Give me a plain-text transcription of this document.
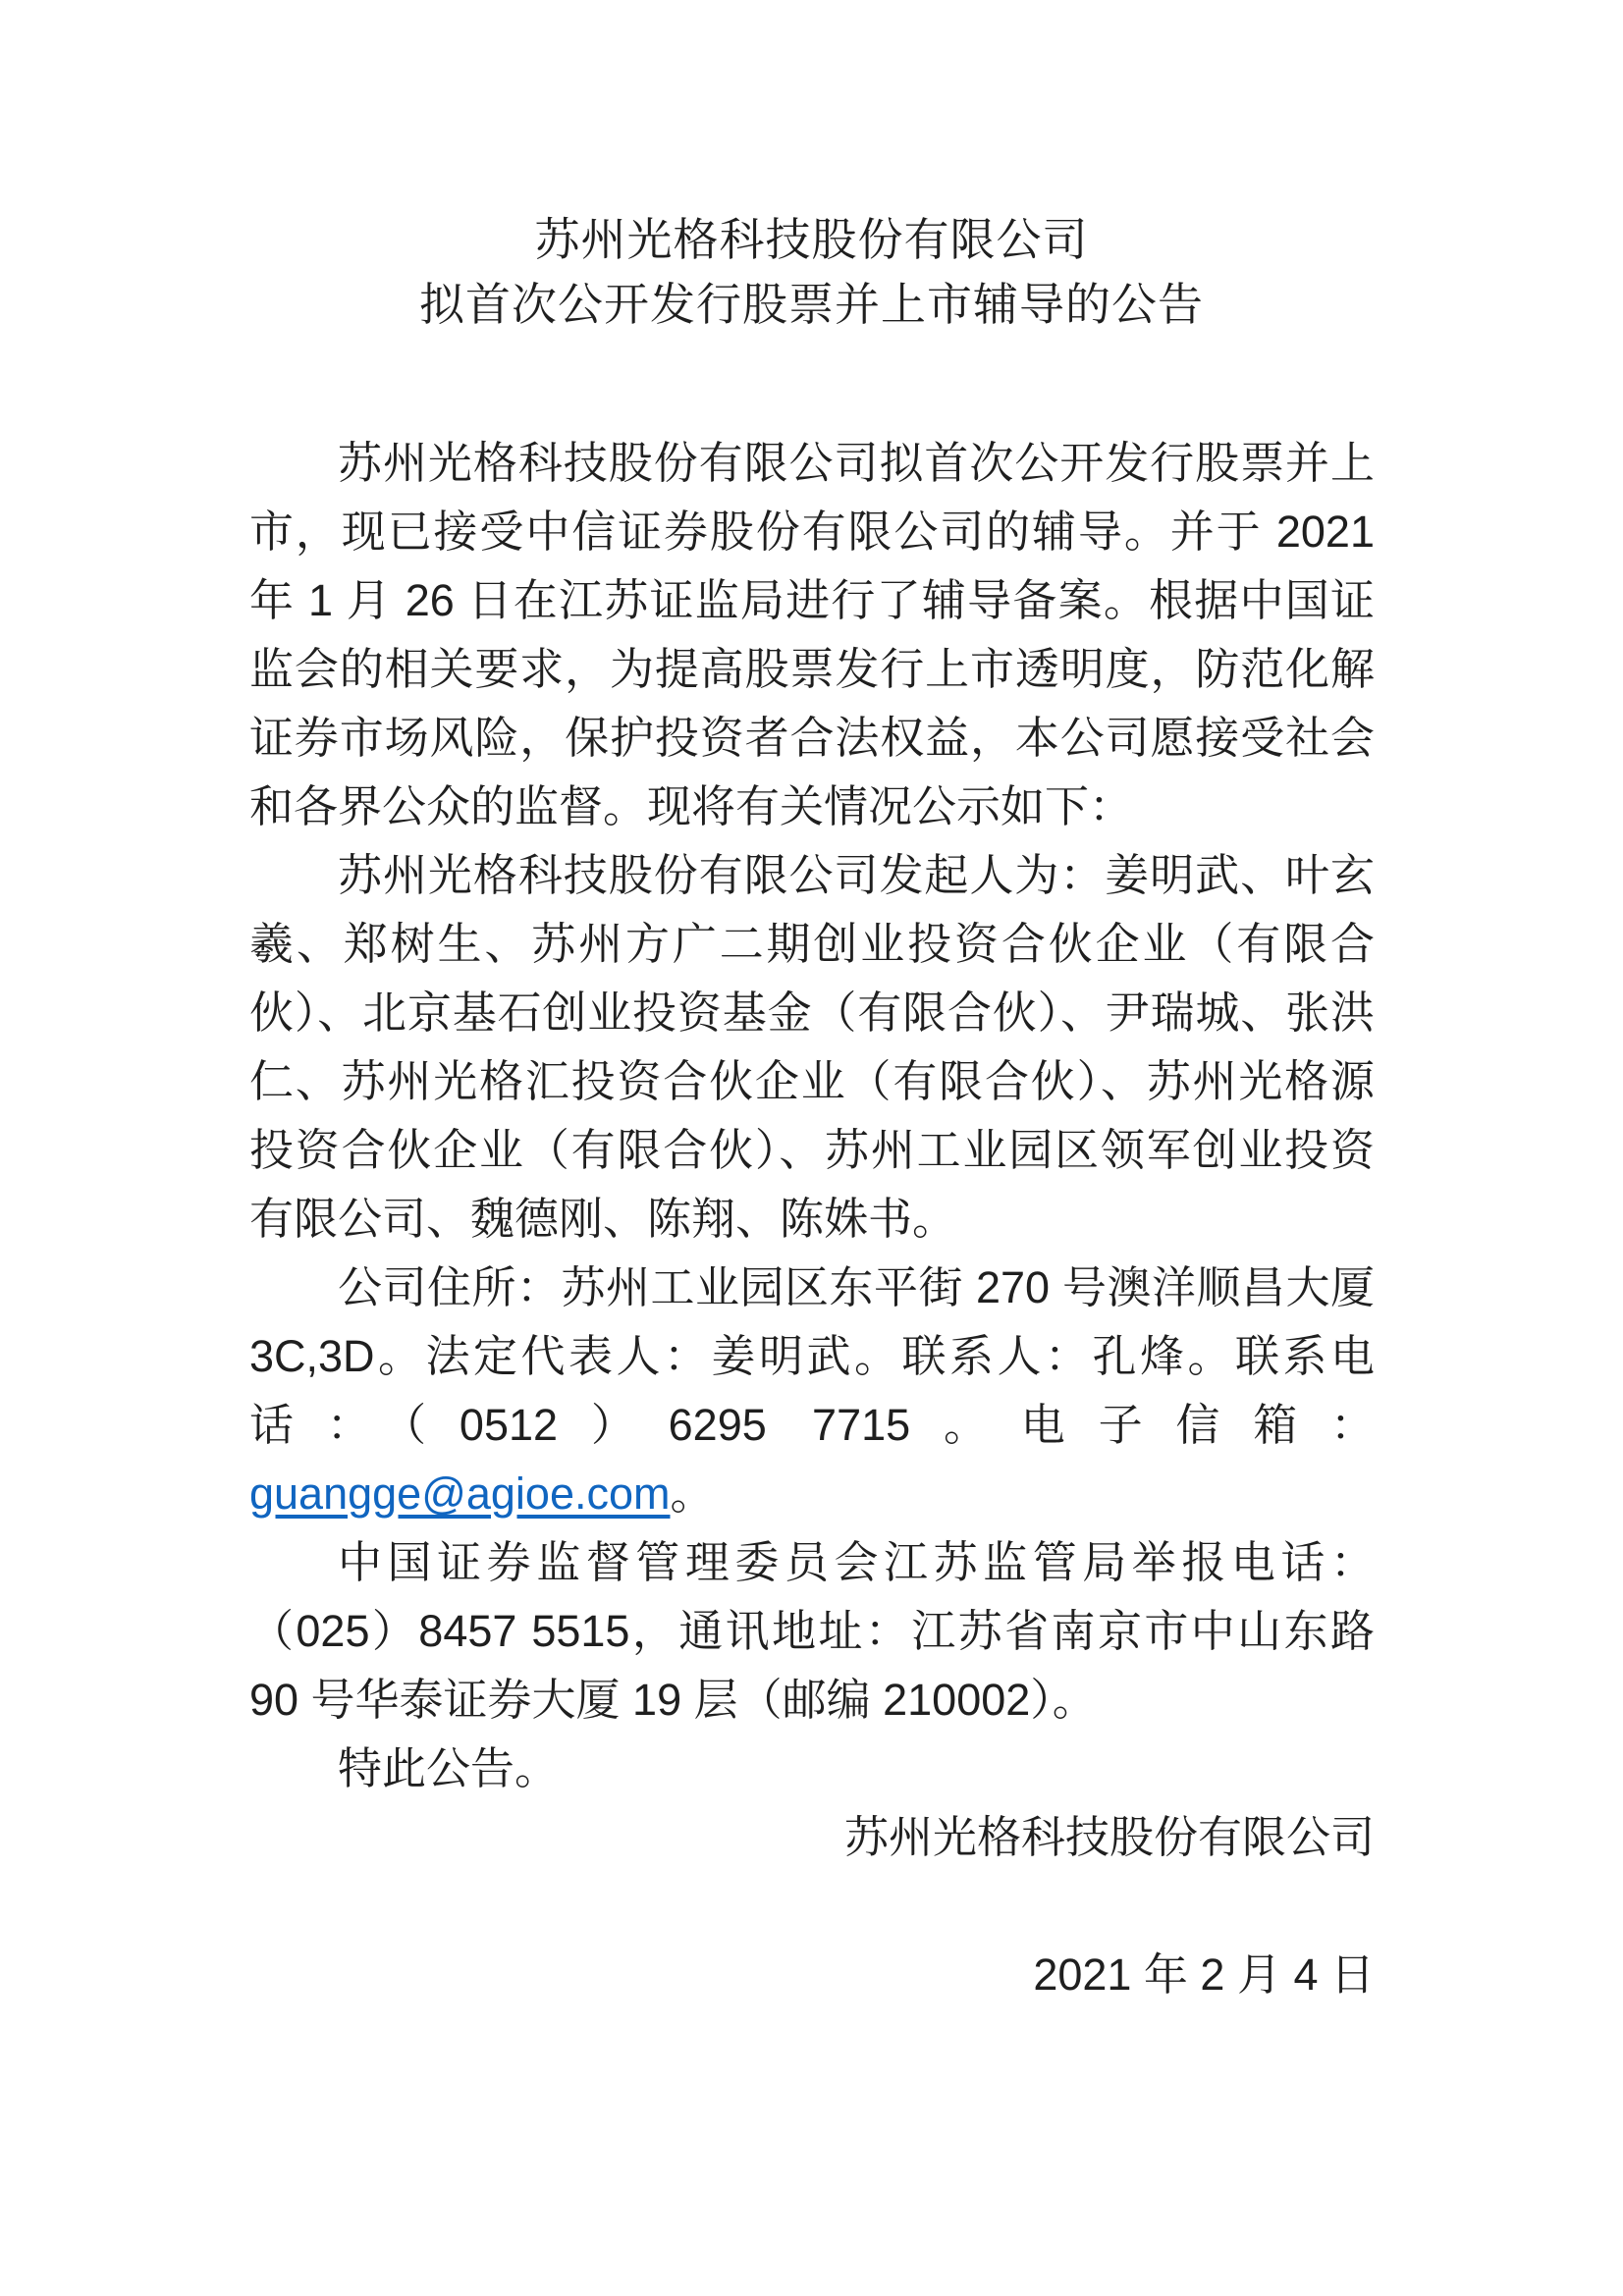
苏州光格科技股份有限公司
拟首次公开发行股票并上市辅导的公告

苏州光格科技股份有限公司拟首次公开发行股票并上市，现已接受中信证券股份有限公司的辅导。并于 2021 年 1 月 26 日在江苏证监局进行了辅导备案。根据中国证监会的相关要求，为提高股票发行上市透明度，防范化解证券市场风险，保护投资者合法权益，本公司愿接受社会和各界公众的监督。现将有关情况公示如下：

苏州光格科技股份有限公司发起人为：姜明武、叶玄羲、郑树生、苏州方广二期创业投资合伙企业（有限合伙）、北京基石创业投资基金（有限合伙）、尹瑞城、张洪仁、苏州光格汇投资合伙企业（有限合伙）、苏州光格源投资合伙企业（有限合伙）、苏州工业园区领军创业投资有限公司、魏德刚、陈翔、陈姝书。

公司住所：苏州工业园区东平街 270 号澳洋顺昌大厦 3C,3D。法定代表人：姜明武。联系人：孔烽。联系电话：（0512）6295 7715。电子信箱：guangge@agioe.com。

中国证券监督管理委员会江苏监管局举报电话：（025）8457 5515，通讯地址：江苏省南京市中山东路 90 号华泰证券大厦 19 层（邮编 210002）。

特此公告。

苏州光格科技股份有限公司

2021 年 2 月 4 日
